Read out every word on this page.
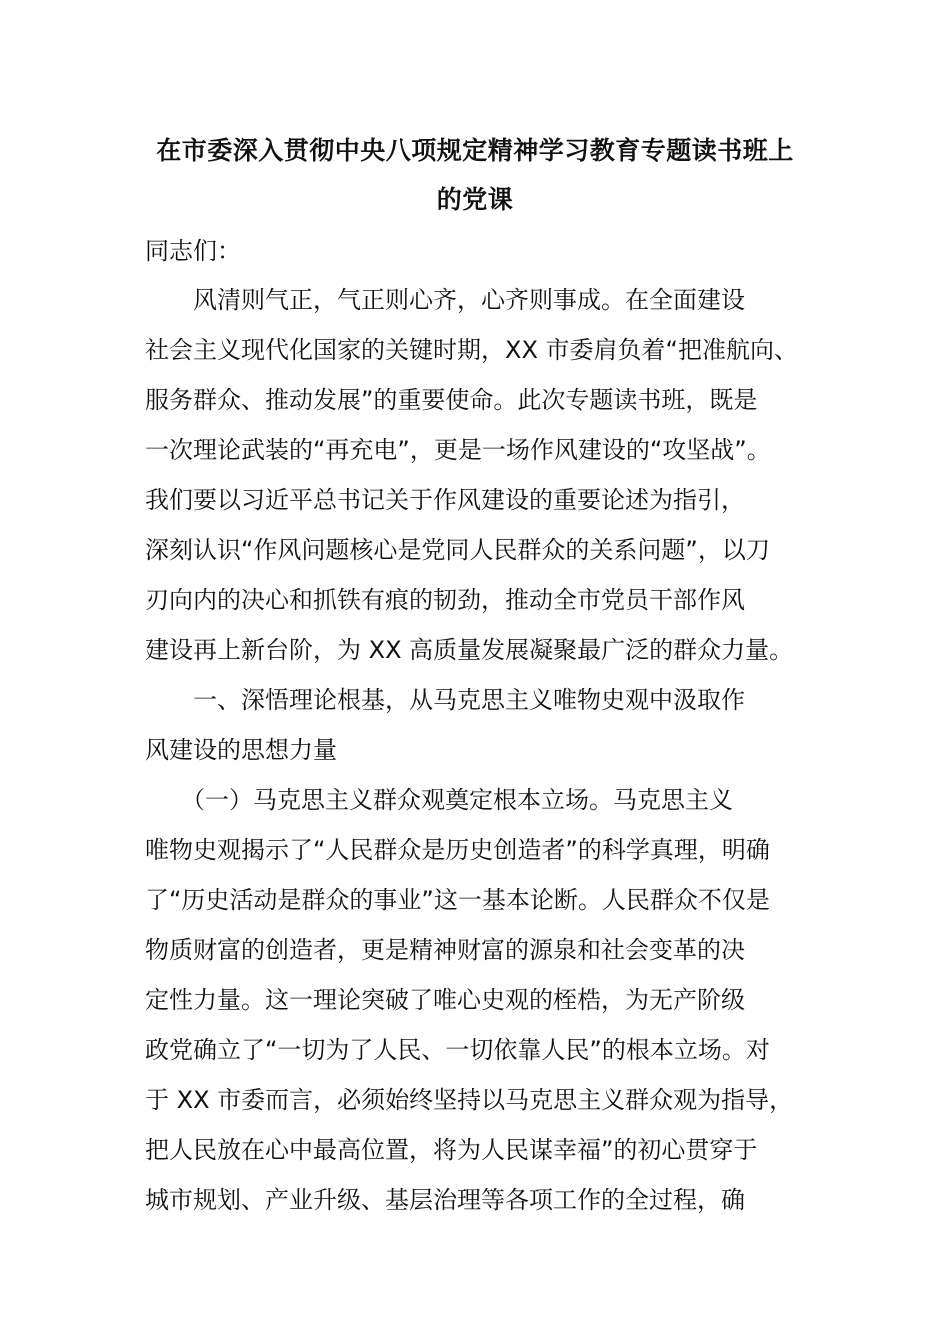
在市委深入贯彻中央八项规定精神学习教育专题读书班上
的党课

同志们：

　　风清则气正，气正则心齐，心齐则事成。在全面建设

社会主义现代化国家的关键时期，XX 市委肩负着“把准航向、

服务群众、推动发展”的重要使命。此次专题读书班，既是

一次理论武装的“再充电”，更是一场作风建设的“攻坚战”。

我们要以习近平总书记关于作风建设的重要论述为指引，

深刻认识“作风问题核心是党同人民群众的关系问题”，以刀

刃向内的决心和抓铁有痕的韧劲，推动全市党员干部作风

建设再上新台阶，为 XX 高质量发展凝聚最广泛的群众力量。

　　一、深悟理论根基，从马克思主义唯物史观中汲取作

风建设的思想力量

　　（一）马克思主义群众观奠定根本立场。马克思主义

唯物史观揭示了“人民群众是历史创造者”的科学真理，明确

了“历史活动是群众的事业”这一基本论断。人民群众不仅是

物质财富的创造者，更是精神财富的源泉和社会变革的决

定性力量。这一理论突破了唯心史观的桎梏，为无产阶级

政党确立了“一切为了人民、一切依靠人民”的根本立场。对

于 XX 市委而言，必须始终坚持以马克思主义群众观为指导，

把人民放在心中最高位置，将为人民谋幸福”的初心贯穿于

城市规划、产业升级、基层治理等各项工作的全过程，确
